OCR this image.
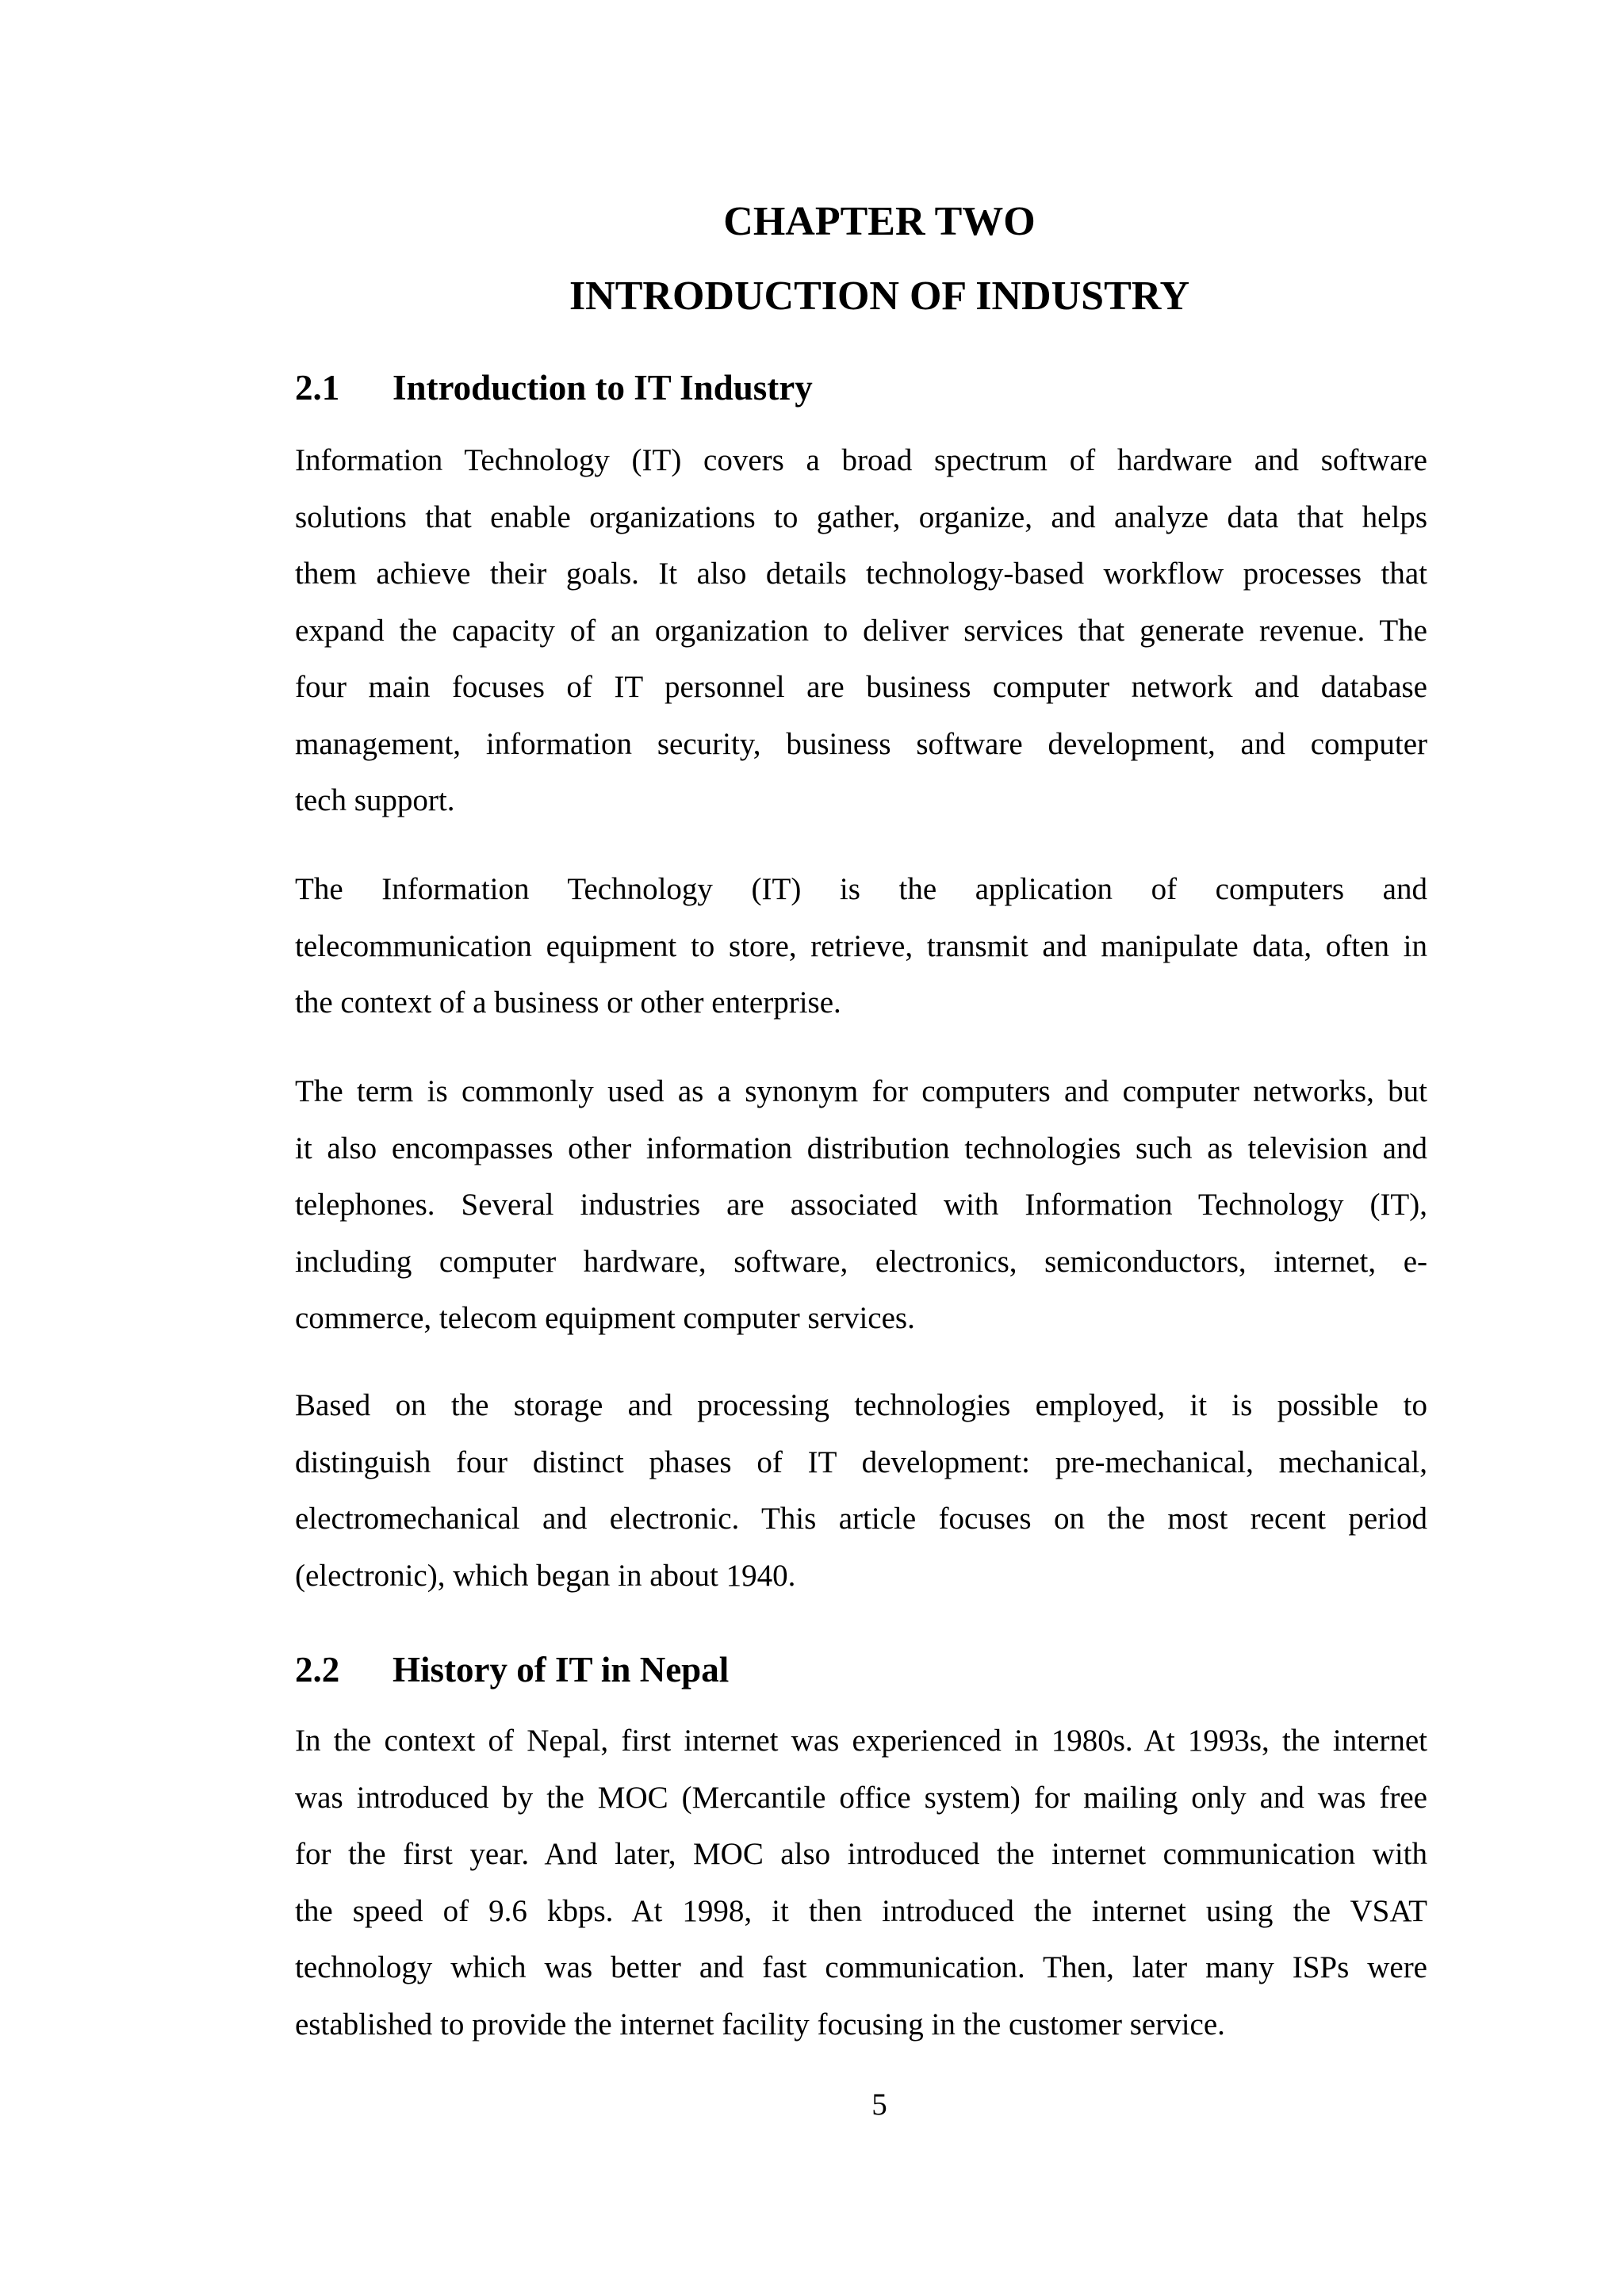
CHAPTER TWO
INTRODUCTION OF INDUSTRY
2.1 Introduction to IT Industry

Information Technology (IT) covers a broad spectrum of hardware and software
solutions that enable organizations to gather, organize, and analyze data that helps
them achieve their goals. It also details technology-based workflow processes that
expand the capacity of an organization to deliver services that generate revenue. The
four main focuses of IT personnel are business computer network and database
management, information security, business software development, and computer
tech support.

The Information Technology (IT) is the application of computers and
telecommunication equipment to store, retrieve, transmit and manipulate data, often in
the context of a business or other enterprise.

The term is commonly used as a synonym for computers and computer networks, but
it also encompasses other information distribution technologies such as television and
telephones. Several industries are associated with Information Technology (IT),
including computer hardware, software, electronics, semiconductors, internet, e-
commerce, telecom equipment computer services.

Based on the storage and processing technologies employed, it is possible to
distinguish four distinct phases of IT development: pre-mechanical, mechanical,
electromechanical and electronic. This article focuses on the most recent period
(electronic), which began in about 1940.

2.2 History of IT in Nepal

In the context of Nepal, first internet was experienced in 1980s. At 1993s, the internet
was introduced by the MOC (Mercantile office system) for mailing only and was free
for the first year. And later, MOC also introduced the internet communication with
the speed of 9.6 kbps. At 1998, it then introduced the internet using the VSAT
technology which was better and fast communication. Then, later many ISPs were
established to provide the internet facility focusing in the customer service.

5
